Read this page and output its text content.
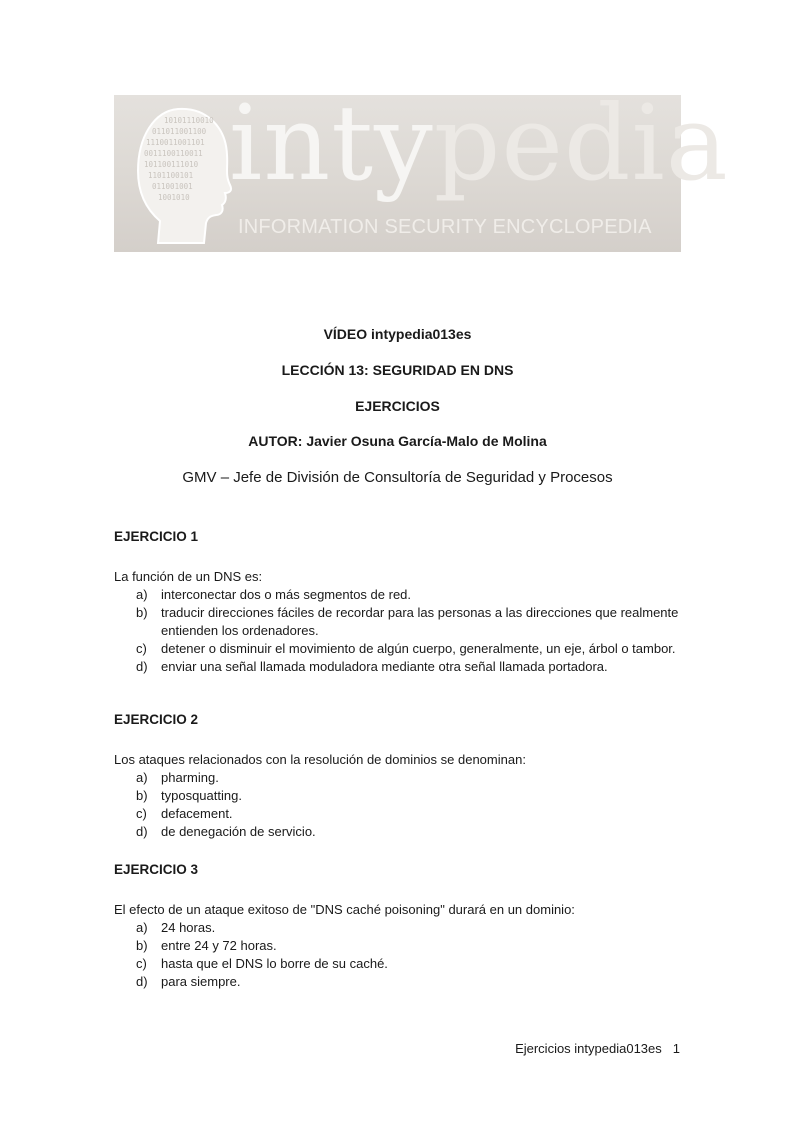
10101110010
011011001100
1110011001101
0011100110011
101100111010
1101100101
011001001
1001010 intypedia
INFORMATION SECURITY ENCYCLOPEDIA
VÍDEO intypedia013es
LECCIÓN 13: SEGURIDAD EN DNS
EJERCICIOS
AUTOR: Javier Osuna García-Malo de Molina
GMV – Jefe de División de Consultoría de Seguridad y Procesos
EJERCICIO 1

La función de un DNS es:

a) interconectar dos o más segmentos de red.
b) traducir direcciones fáciles de recordar para las personas a las direcciones que realmente entienden los ordenadores.
c) detener o disminuir el movimiento de algún cuerpo, generalmente, un eje, árbol o tambor.
d) enviar una señal llamada moduladora mediante otra señal llamada portadora.
EJERCICIO 2

Los ataques relacionados con la resolución de dominios se denominan:

a) pharming.
b) typosquatting.
c) defacement.
d) de denegación de servicio.
EJERCICIO 3

El efecto de un ataque exitoso de "DNS caché poisoning" durará en un dominio:

a) 24 horas.
b) entre 24 y 72 horas.
c) hasta que el DNS lo borre de su caché.
d) para siempre.
Ejercicios intypedia013es 1
